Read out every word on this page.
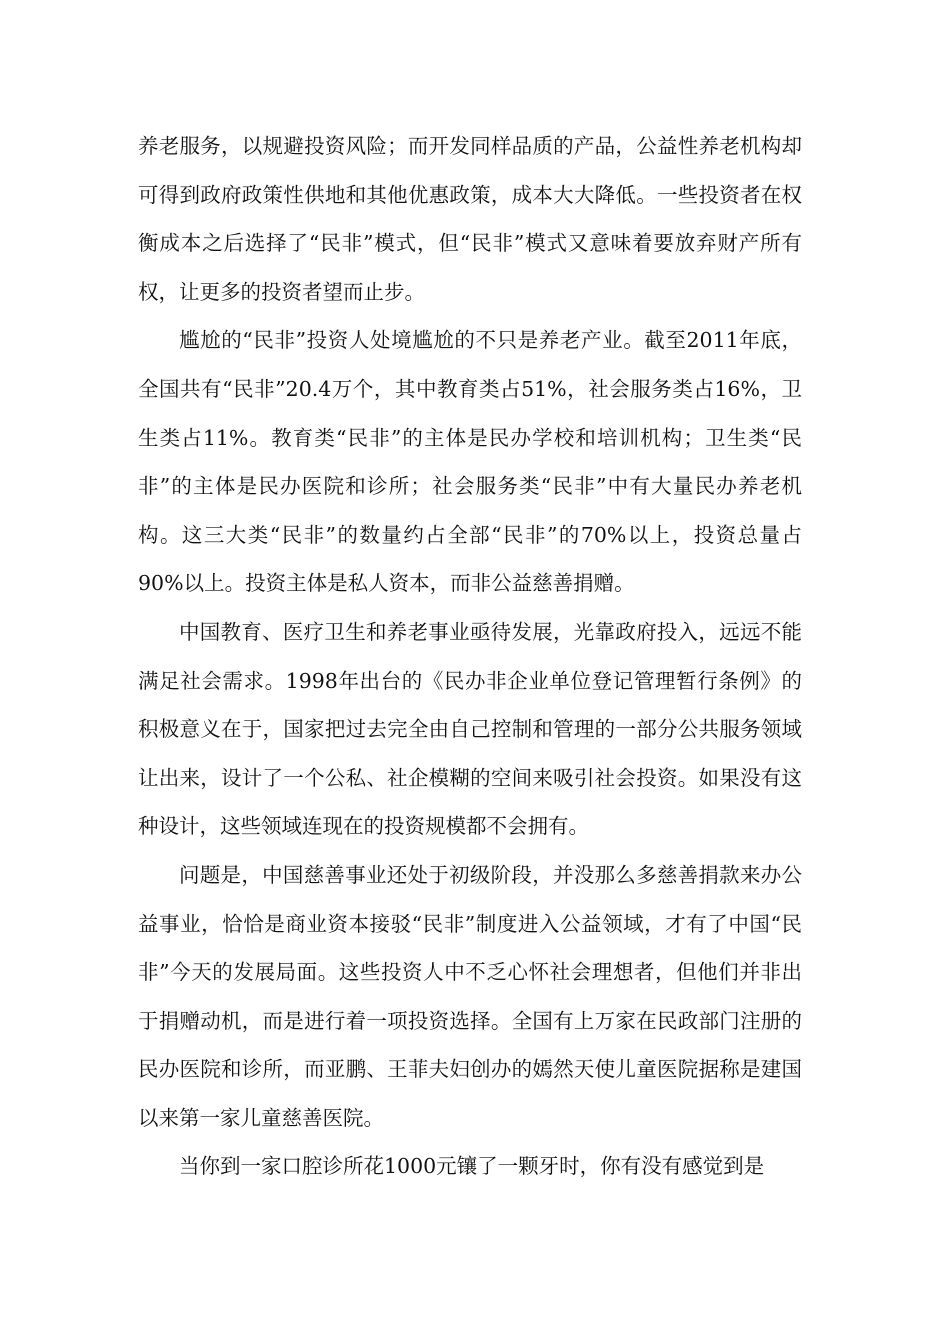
养老服务，以规避投资风险；而开发同样品质的产品，公益性养老机构却可得到政府政策性供地和其他优惠政策，成本大大降低。一些投资者在权衡成本之后选择了“民非”模式，但“民非”模式又意味着要放弃财产所有权，让更多的投资者望而止步。

尴尬的“民非”投资人处境尴尬的不只是养老产业。截至2011年底，全国共有“民非”20.4万个，其中教育类占51%，社会服务类占16%，卫生类占11%。教育类“民非”的主体是民办学校和培训机构；卫生类“民非”的主体是民办医院和诊所；社会服务类“民非”中有大量民办养老机构。这三大类“民非”的数量约占全部“民非”的70%以上，投资总量占90%以上。投资主体是私人资本，而非公益慈善捐赠。

中国教育、医疗卫生和养老事业亟待发展，光靠政府投入，远远不能满足社会需求。1998年出台的《民办非企业单位登记管理暂行条例》的积极意义在于，国家把过去完全由自己控制和管理的一部分公共服务领域让出来，设计了一个公私、社企模糊的空间来吸引社会投资。如果没有这种设计，这些领域连现在的投资规模都不会拥有。

问题是，中国慈善事业还处于初级阶段，并没那么多慈善捐款来办公益事业，恰恰是商业资本接驳“民非”制度进入公益领域，才有了中国“民非”今天的发展局面。这些投资人中不乏心怀社会理想者，但他们并非出于捐赠动机，而是进行着一项投资选择。全国有上万家在民政部门注册的民办医院和诊所，而亚鹏、王菲夫妇创办的嫣然天使儿童医院据称是建国以来第一家儿童慈善医院。

当你到一家口腔诊所花1000元镶了一颗牙时，你有没有感觉到是
